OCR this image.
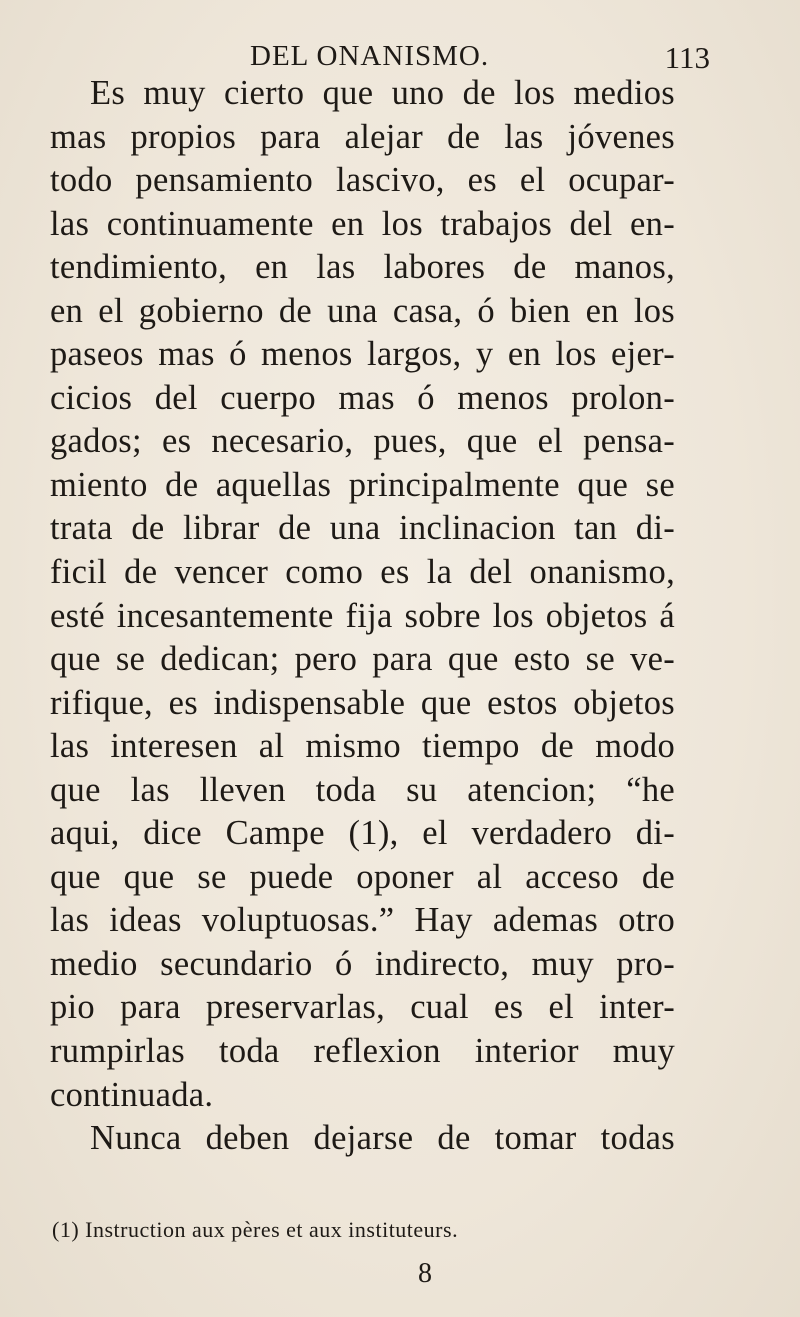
DEL ONANISMO.	113
Es muy cierto que uno de los medios
mas propios para alejar de las jóvenes
todo pensamiento lascivo, es el ocupar-
las continuamente en los trabajos del en-
tendimiento, en las labores de manos,
en el gobierno de una casa, ó bien en los
paseos mas ó menos largos, y en los ejer-
cicios del cuerpo mas ó menos prolon-
gados; es necesario, pues, que el pensa-
miento de aquellas principalmente que se
trata de librar de una inclinacion tan di-
ficil de vencer como es la del onanismo,
esté incesantemente fija sobre los objetos á
que se dedican; pero para que esto se ve-
rifique, es indispensable que estos objetos
las interesen al mismo tiempo de modo
que las lleven toda su atencion; “he
aqui, dice Campe (1), el verdadero di-
que que se puede oponer al acceso de
las ideas voluptuosas.” Hay ademas otro
medio secundario ó indirecto, muy pro-
pio para preservarlas, cual es el inter-
rumpirlas toda reflexion interior muy
continuada.
Nunca deben dejarse de tomar todas
(1) Instruction aux pères et aux instituteurs.
8
